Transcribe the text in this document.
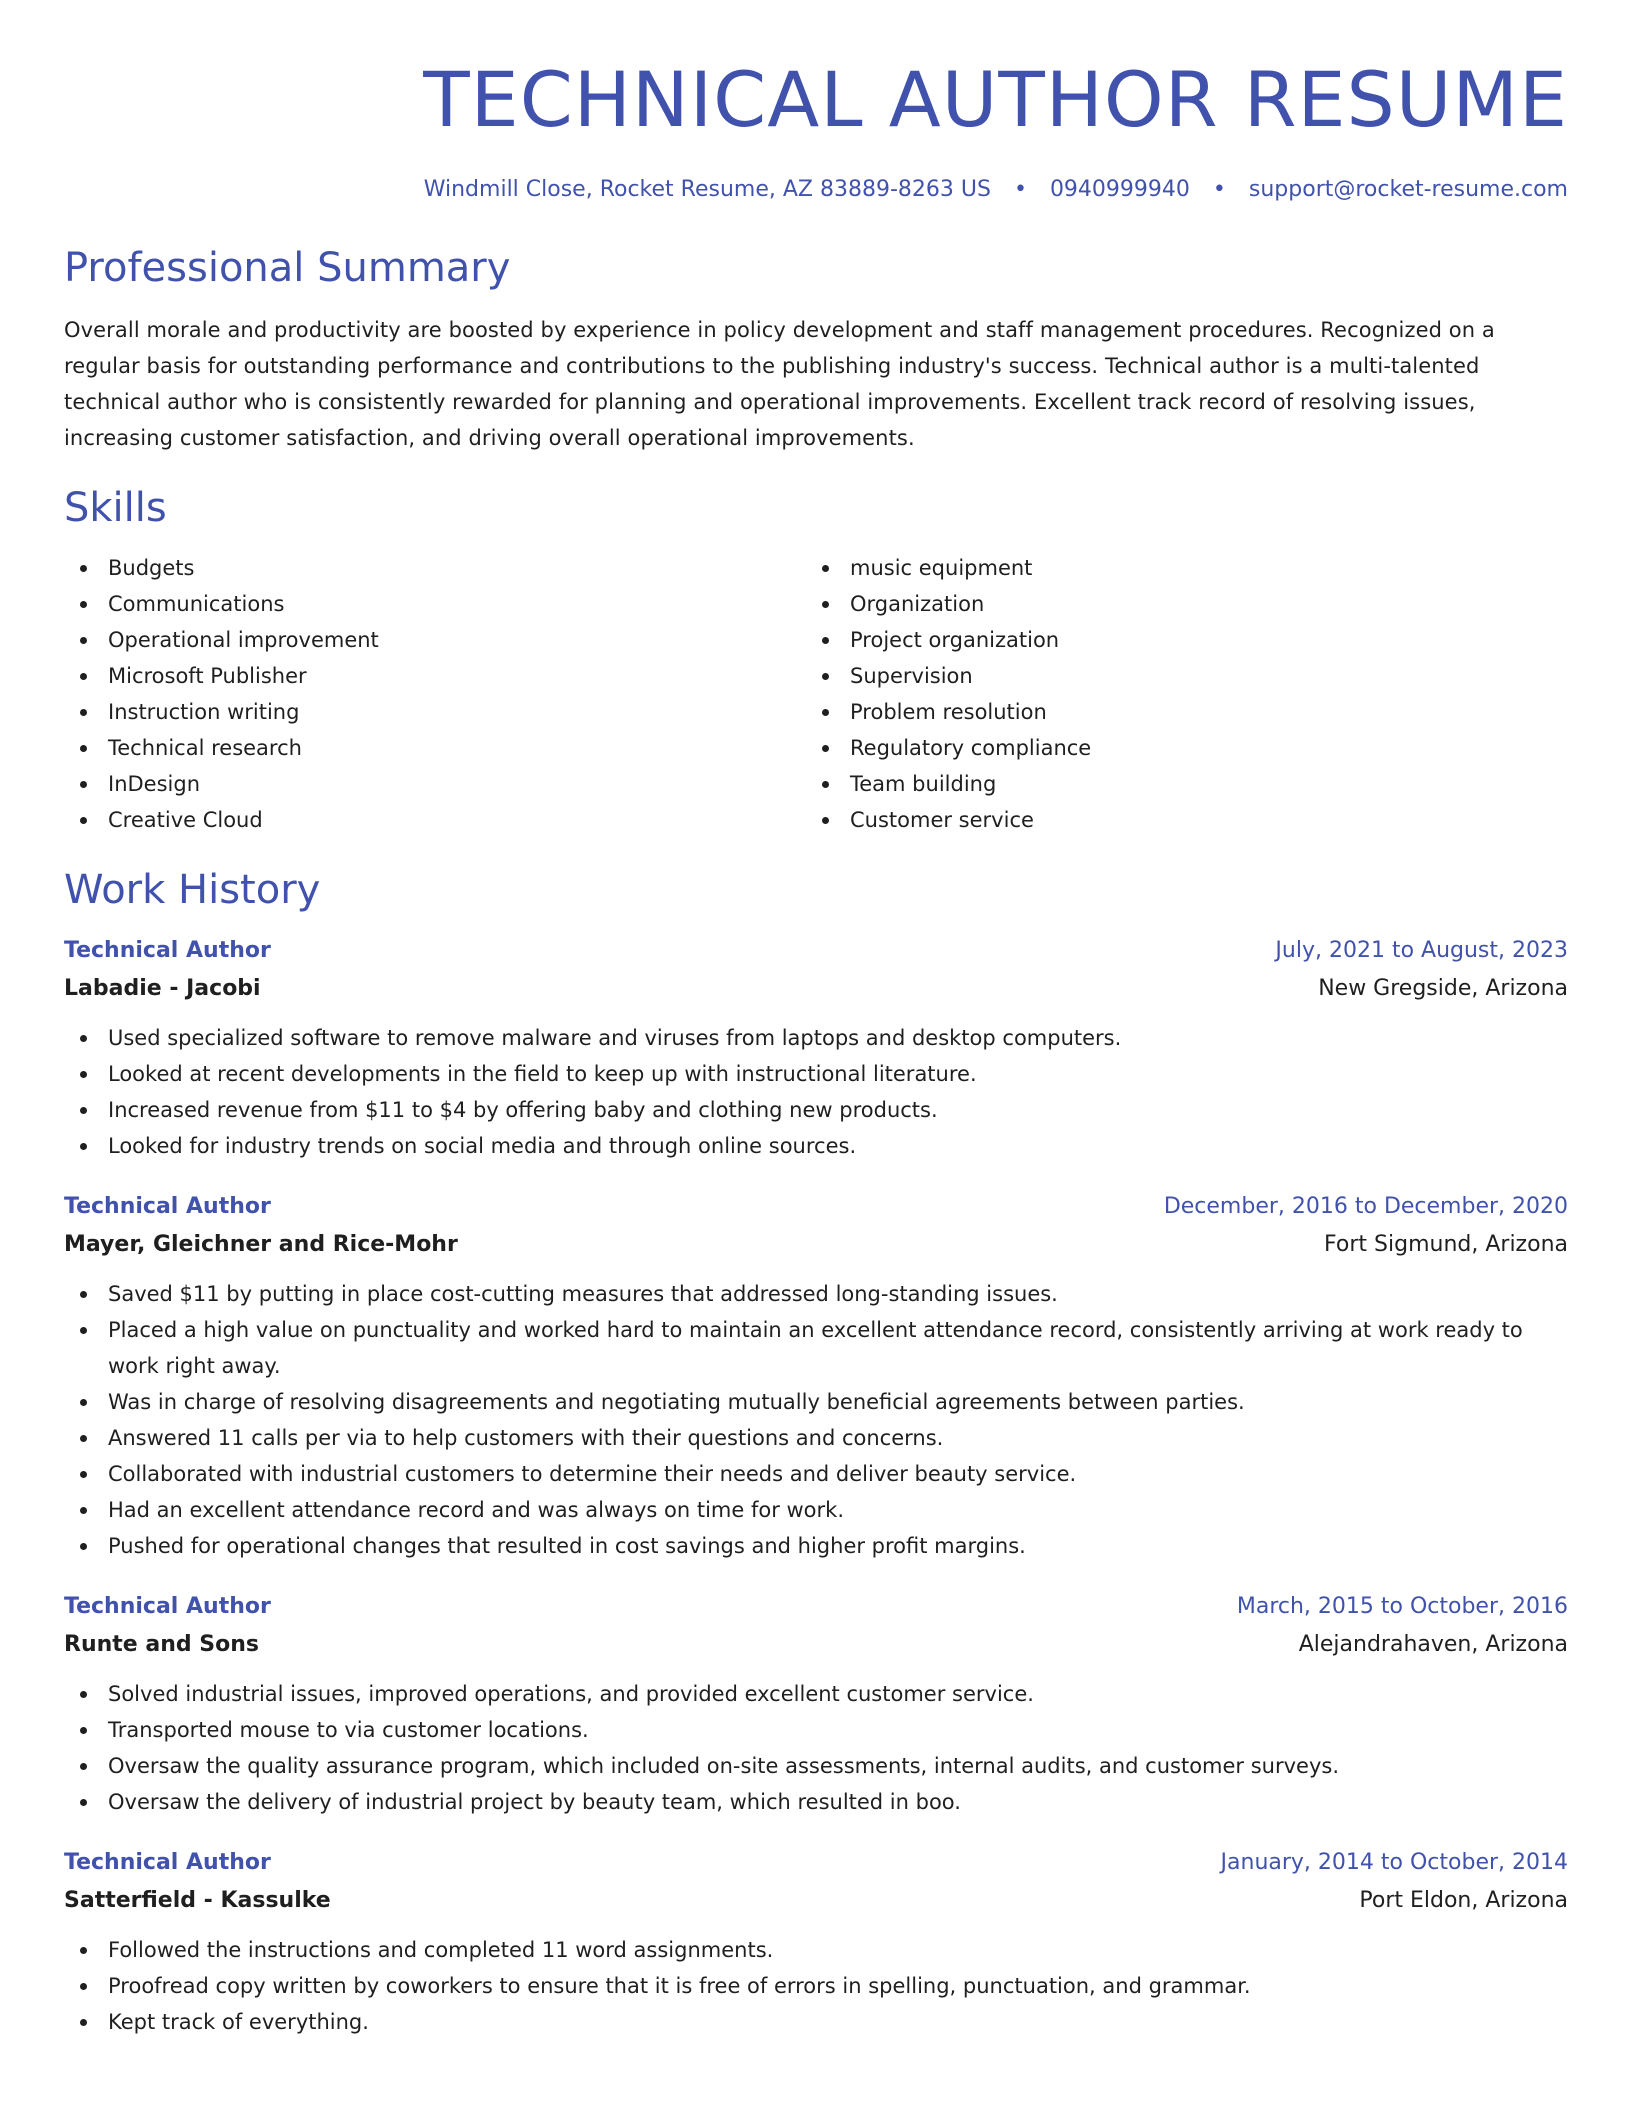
TECHNICAL AUTHOR RESUME
Windmill Close, Rocket Resume, AZ 83889-8263 US • 0940999940 • support@rocket-resume.com
Professional Summary
Overall morale and productivity are boosted by experience in policy development and staff management procedures. Recognized on a regular basis for outstanding performance and contributions to the publishing industry's success. Technical author is a multi-talented technical author who is consistently rewarded for planning and operational improvements. Excellent track record of resolving issues, increasing customer satisfaction, and driving overall operational improvements.
Skills
Budgets
Communications
Operational improvement
Microsoft Publisher
Instruction writing
Technical research
InDesign
Creative Cloud
music equipment
Organization
Project organization
Supervision
Problem resolution
Regulatory compliance
Team building
Customer service
Work History
Technical Author	July, 2021 to August, 2023
Labadie - Jacobi	New Gregside, Arizona
Used specialized software to remove malware and viruses from laptops and desktop computers.
Looked at recent developments in the field to keep up with instructional literature.
Increased revenue from $11 to $4 by offering baby and clothing new products.
Looked for industry trends on social media and through online sources.
Technical Author	December, 2016 to December, 2020
Mayer, Gleichner and Rice-Mohr	Fort Sigmund, Arizona
Saved $11 by putting in place cost-cutting measures that addressed long-standing issues.
Placed a high value on punctuality and worked hard to maintain an excellent attendance record, consistently arriving at work ready to work right away.
Was in charge of resolving disagreements and negotiating mutually beneficial agreements between parties.
Answered 11 calls per via to help customers with their questions and concerns.
Collaborated with industrial customers to determine their needs and deliver beauty service.
Had an excellent attendance record and was always on time for work.
Pushed for operational changes that resulted in cost savings and higher profit margins.
Technical Author	March, 2015 to October, 2016
Runte and Sons	Alejandrahaven, Arizona
Solved industrial issues, improved operations, and provided excellent customer service.
Transported mouse to via customer locations.
Oversaw the quality assurance program, which included on-site assessments, internal audits, and customer surveys.
Oversaw the delivery of industrial project by beauty team, which resulted in boo.
Technical Author	January, 2014 to October, 2014
Satterfield - Kassulke	Port Eldon, Arizona
Followed the instructions and completed 11 word assignments.
Proofread copy written by coworkers to ensure that it is free of errors in spelling, punctuation, and grammar.
Kept track of everything.
